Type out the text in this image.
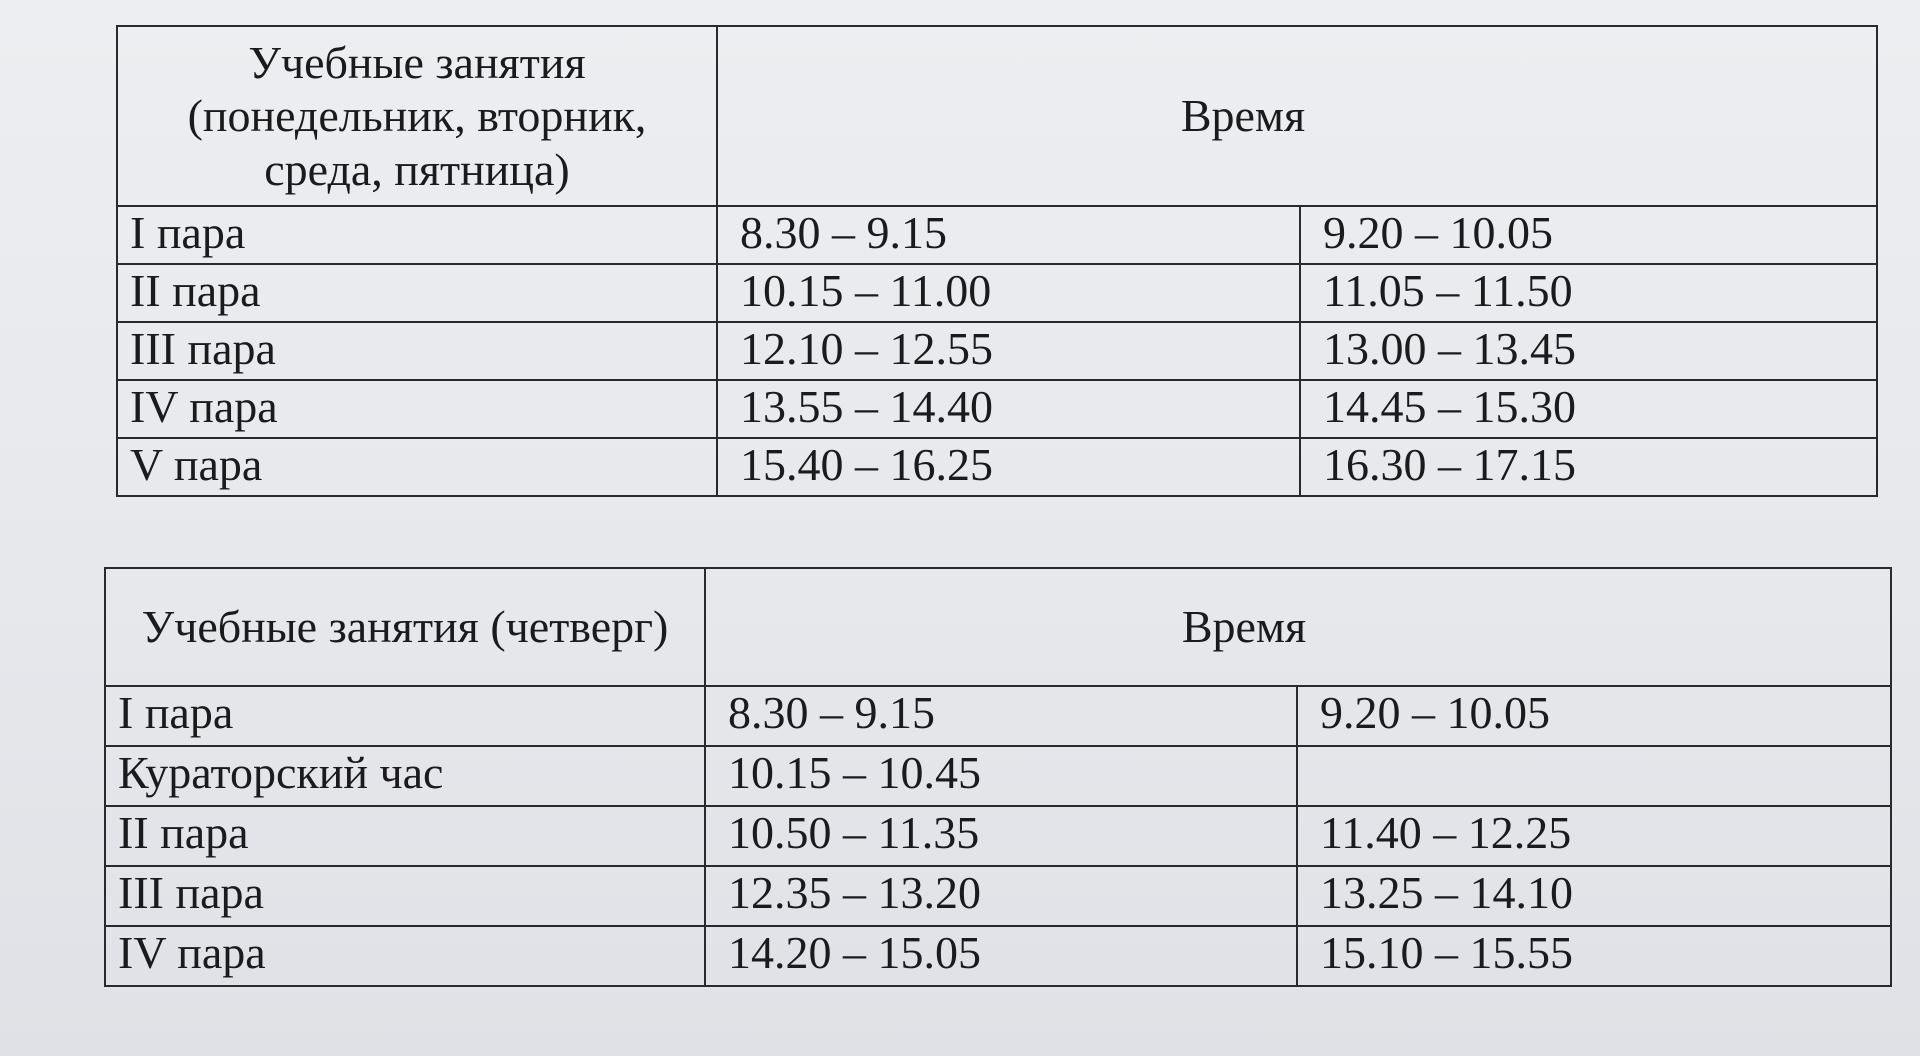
Учебные занятия (понедельник, вторник, среда, пятница)	Время	
I пара	8.30 – 9.15	9.20 – 10.05
II пара	10.15 – 11.00	11.05 – 11.50
III пара	12.10 – 12.55	13.00 – 13.45
IV пара	13.55 – 14.40	14.45 – 15.30
V пара	15.40 – 16.25	16.30 – 17.15
Учебные занятия (четверг)	Время	
I пара	8.30 – 9.15	9.20 – 10.05
Кураторский час	10.15 – 10.45	
II пара	10.50 – 11.35	11.40 – 12.25
III пара	12.35 – 13.20	13.25 – 14.10
IV пара	14.20 – 15.05	15.10 – 15.55
